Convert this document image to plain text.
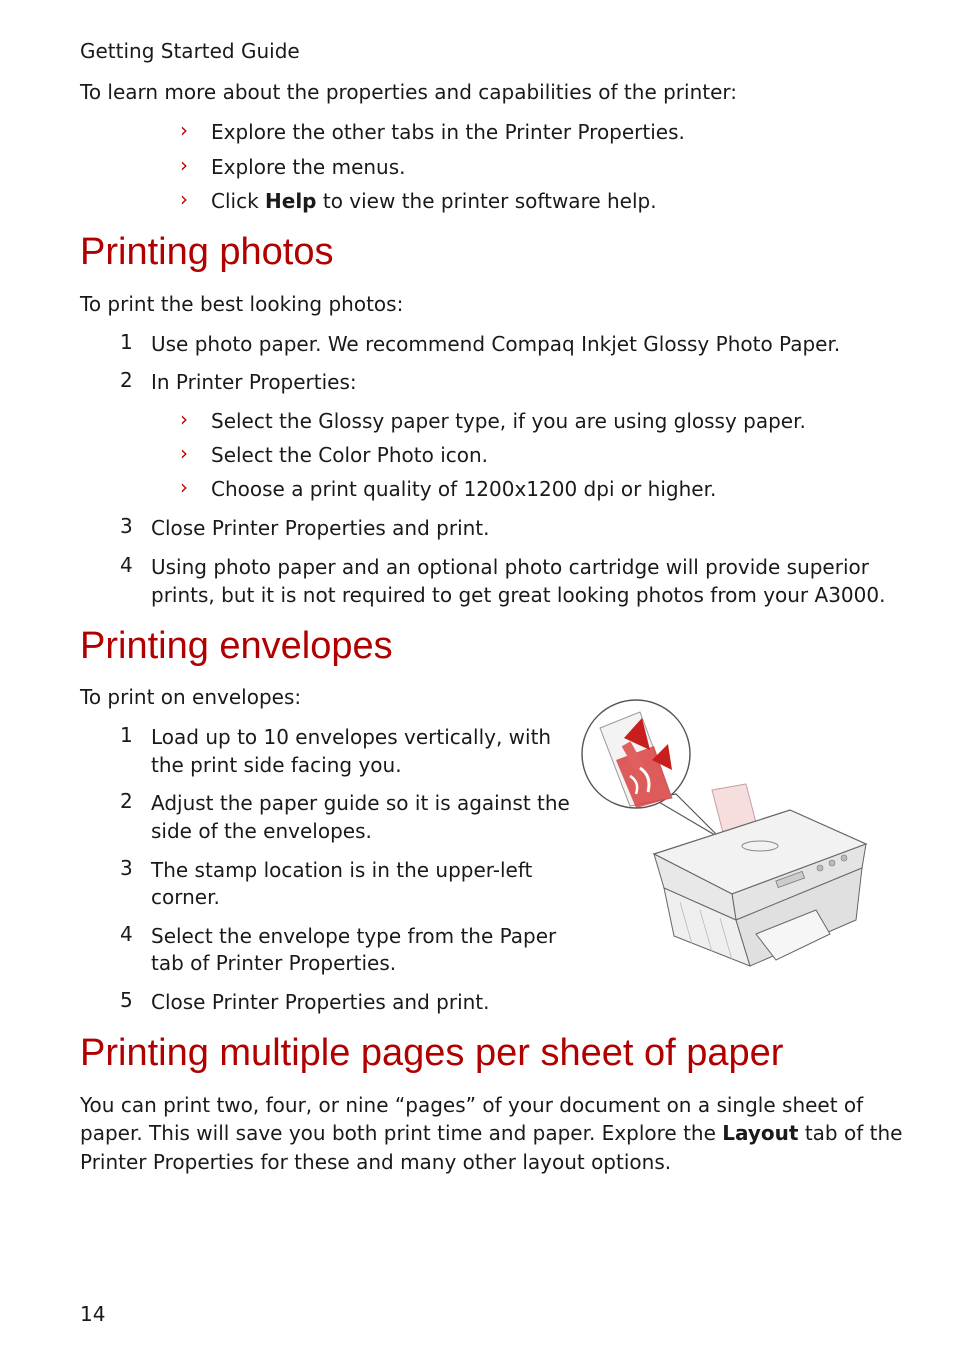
Getting Started Guide
To learn more about the properties and capabilities of the printer:
› Explore the other tabs in the Printer Properties.
› Explore the menus.
› Click Help to view the printer software help.
Printing photos
To print the best looking photos:
1 Use photo paper. We recommend Compaq Inkjet Glossy Photo Paper.
2 In Printer Properties:
› Select the Glossy paper type, if you are using glossy paper.
› Select the Color Photo icon.
› Choose a print quality of 1200x1200 dpi or higher.
3 Close Printer Properties and print.
4 Using photo paper and an optional photo cartridge will provide superior
prints, but it is not required to get great looking photos from your A3000.
Printing envelopes
To print on envelopes:
1 Load up to 10 envelopes vertically, with
the print side facing you.
2 Adjust the paper guide so it is against the
side of the envelopes.
3 The stamp location is in the upper-left
corner.
4 Select the envelope type from the Paper
tab of Printer Properties.
5 Close Printer Properties and print.
Printing multiple pages per sheet of paper
You can print two, four, or nine “pages” of your document on a single sheet of
paper. This will save you both print time and paper. Explore the Layout tab of the
Printer Properties for these and many other layout options.
14
